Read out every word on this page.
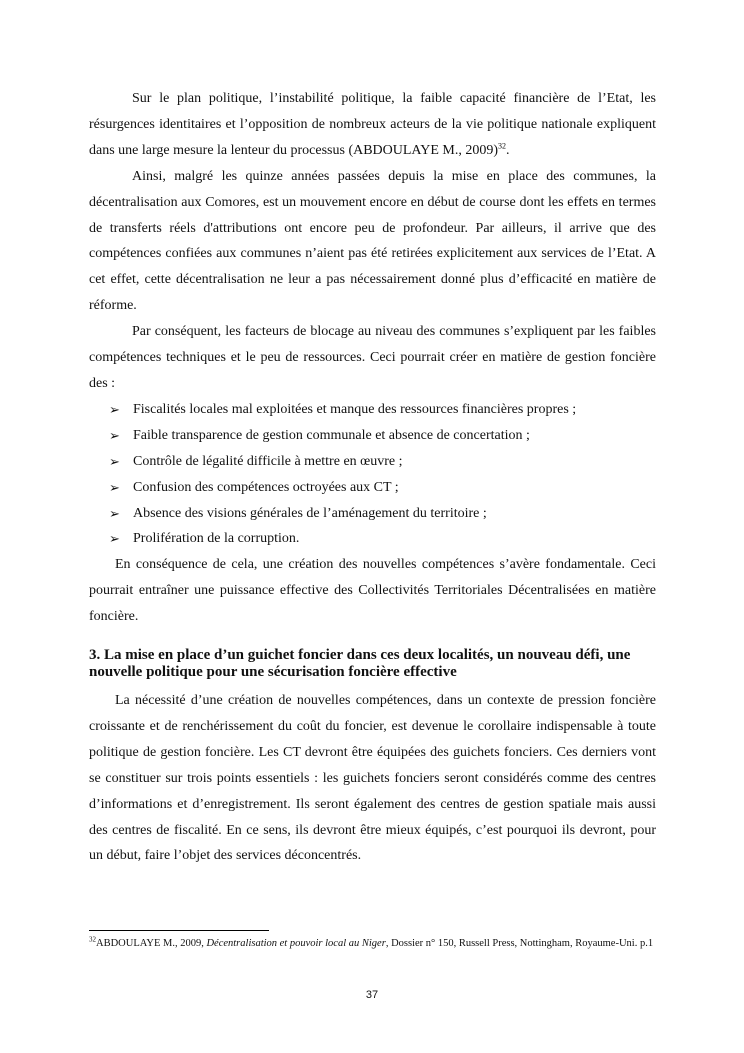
Sur le plan politique, l’instabilité politique, la faible capacité financière de l’Etat, les résurgences identitaires et l’opposition de nombreux acteurs de la vie politique nationale expliquent dans une large mesure la lenteur du processus (ABDOULAYE M., 2009)$^{32}$.

Ainsi, malgré les quinze années passées depuis la mise en place des communes, la décentralisation aux Comores, est un mouvement encore en début de course dont les effets en termes de transferts réels d'attributions ont encore peu de profondeur. Par ailleurs, il arrive que des compétences confiées aux communes n’aient pas été retirées explicitement aux services de l’Etat. A cet effet, cette décentralisation ne leur a pas nécessairement donné plus d’efficacité en matière de réforme.

Par conséquent, les facteurs de blocage au niveau des communes s’expliquent par les faibles compétences techniques et le peu de ressources. Ceci pourrait créer en matière de gestion foncière des :

➢ Fiscalités locales mal exploitées et manque des ressources financières propres ;
➢ Faible transparence de gestion communale et absence de concertation ;
➢ Contrôle de légalité difficile à mettre en œuvre ;
➢ Confusion des compétences octroyées aux CT ;
➢ Absence des visions générales de l’aménagement du territoire ;
➢ Prolifération de la corruption.

En conséquence de cela, une création des nouvelles compétences s’avère fondamentale. Ceci pourrait entraîner une puissance effective des Collectivités Territoriales Décentralisées en matière foncière.

3. La mise en place d’un guichet foncier dans ces deux localités, un nouveau défi, une nouvelle politique pour une sécurisation foncière effective

La nécessité d’une création de nouvelles compétences, dans un contexte de pression foncière croissante et de renchérissement du coût du foncier, est devenue le corollaire indispensable à toute politique de gestion foncière. Les CT devront être équipées des guichets fonciers. Ces derniers vont se constituer sur trois points essentiels : les guichets fonciers seront considérés comme des centres d’informations et d’enregistrement. Ils seront également des centres de gestion spatiale mais aussi des centres de fiscalité. En ce sens, ils devront être mieux équipés, c’est pourquoi ils devront, pour un début, faire l’objet des services déconcentrés.

$^{32}$ABDOULAYE M., 2009, Décentralisation et pouvoir local au Niger, Dossier n° 150, Russell Press, Nottingham, Royaume-Uni. p.1

37
